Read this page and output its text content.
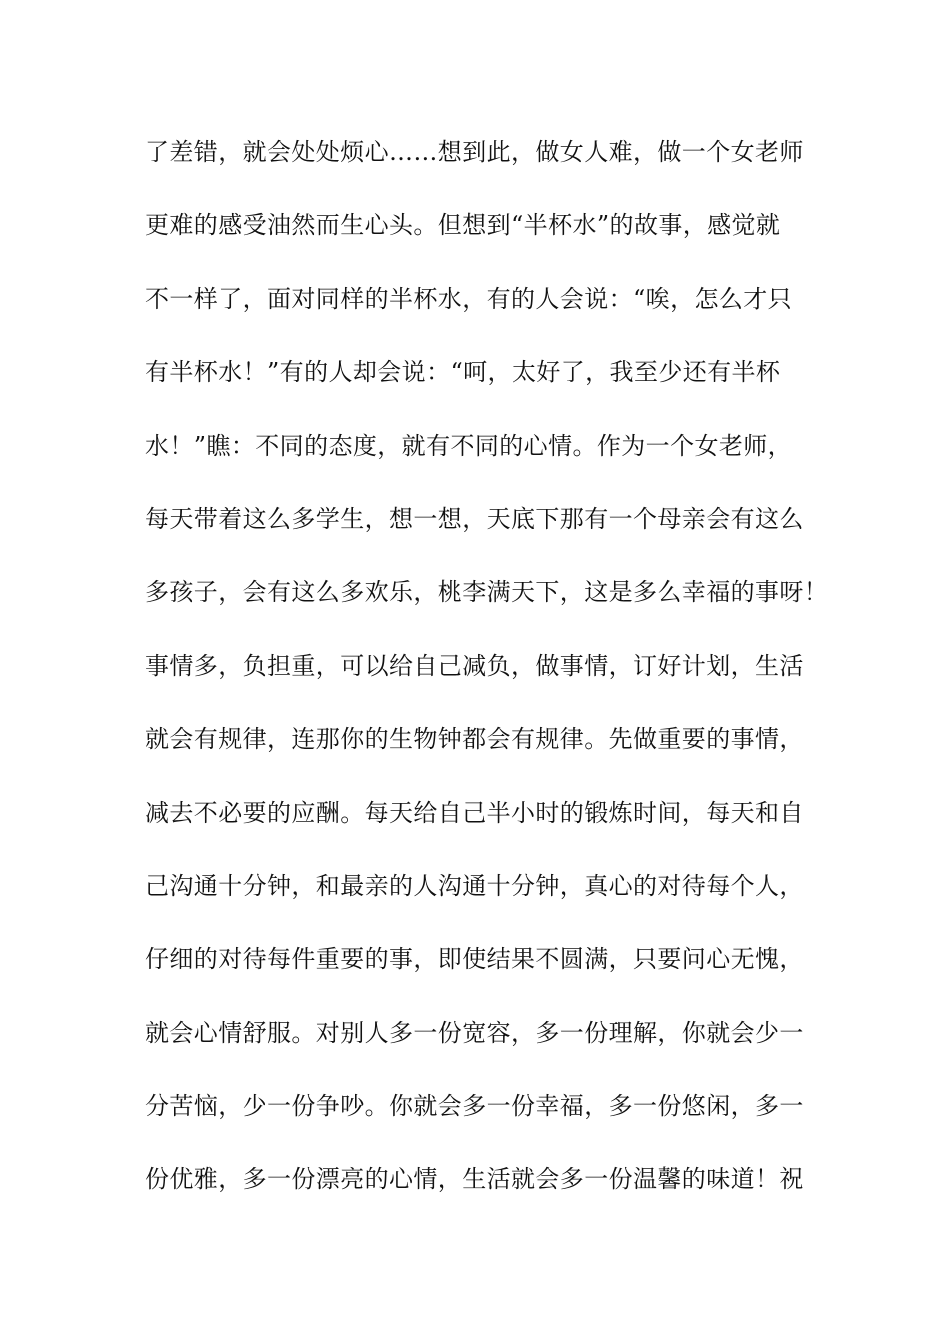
了差错，就会处处烦心……想到此，做女人难，做一个女老师
更难的感受油然而生心头。但想到“半杯水”的故事，感觉就
不一样了，面对同样的半杯水，有的人会说：“唉，怎么才只
有半杯水！”有的人却会说：“呵，太好了，我至少还有半杯
水！”瞧：不同的态度，就有不同的心情。作为一个女老师，
每天带着这么多学生，想一想，天底下那有一个母亲会有这么
多孩子，会有这么多欢乐，桃李满天下，这是多么幸福的事呀！
事情多，负担重，可以给自己减负，做事情，订好计划，生活
就会有规律，连那你的生物钟都会有规律。先做重要的事情，
减去不必要的应酬。每天给自己半小时的锻炼时间，每天和自
己沟通十分钟，和最亲的人沟通十分钟，真心的对待每个人，
仔细的对待每件重要的事，即使结果不圆满，只要问心无愧，
就会心情舒服。对别人多一份宽容，多一份理解，你就会少一
分苦恼，少一份争吵。你就会多一份幸福，多一份悠闲，多一
份优雅，多一份漂亮的心情，生活就会多一份温馨的味道！祝
